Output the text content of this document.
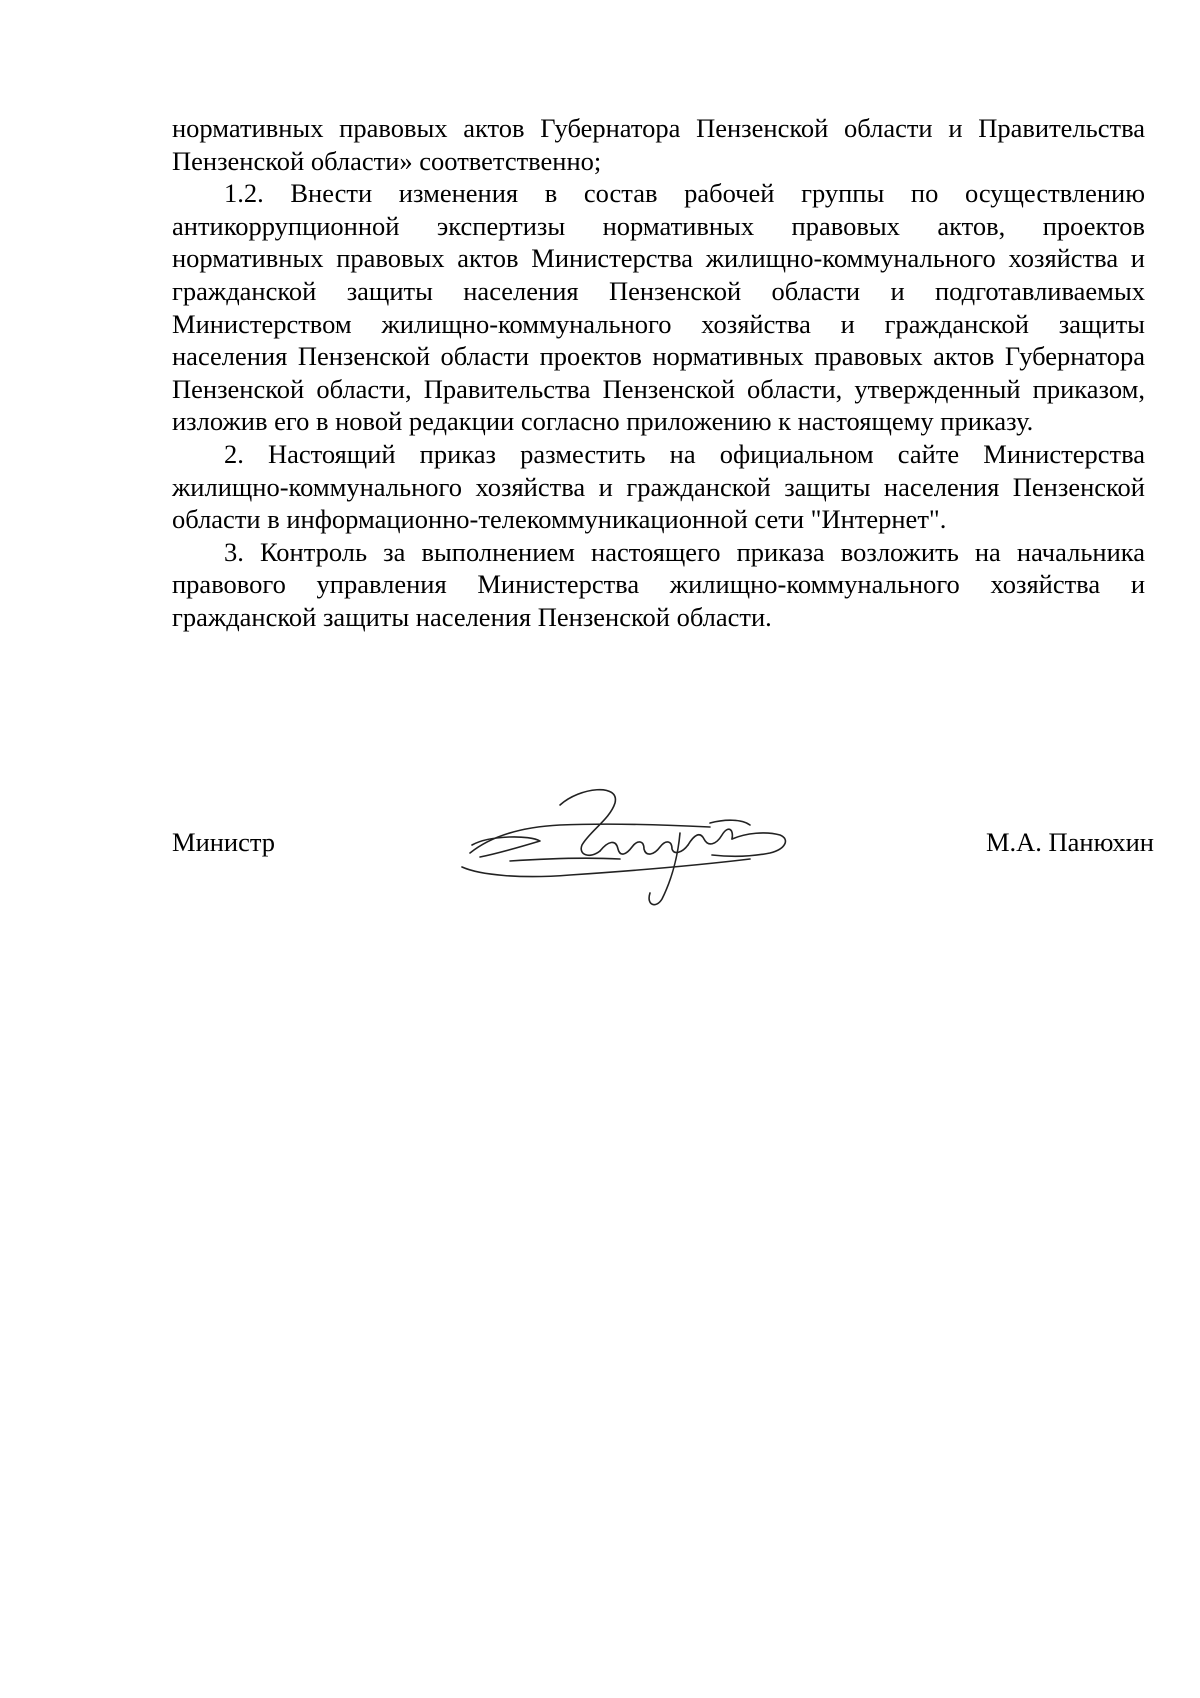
нормативных правовых актов Губернатора Пензенской области и Правительства Пензенской области» соответственно;

1.2. Внести изменения в состав рабочей группы по осуществлению антикоррупционной экспертизы нормативных правовых актов, проектов нормативных правовых актов Министерства жилищно-коммунального хозяйства и гражданской защиты населения Пензенской области и подготавливаемых Министерством жилищно-коммунального хозяйства и гражданской защиты населения Пензенской области проектов нормативных правовых актов Губернатора Пензенской области, Правительства Пензенской области, утвержденный приказом, изложив его в новой редакции согласно приложению к настоящему приказу.

2. Настоящий приказ разместить на официальном сайте Министерства жилищно-коммунального хозяйства и гражданской защиты населения Пензенской области в информационно-телекоммуникационной сети "Интернет".

3. Контроль за выполнением настоящего приказа возложить на начальника правового управления Министерства жилищно-коммунального хозяйства и гражданской защиты населения Пензенской области.

Министр	М.А. Панюхин
